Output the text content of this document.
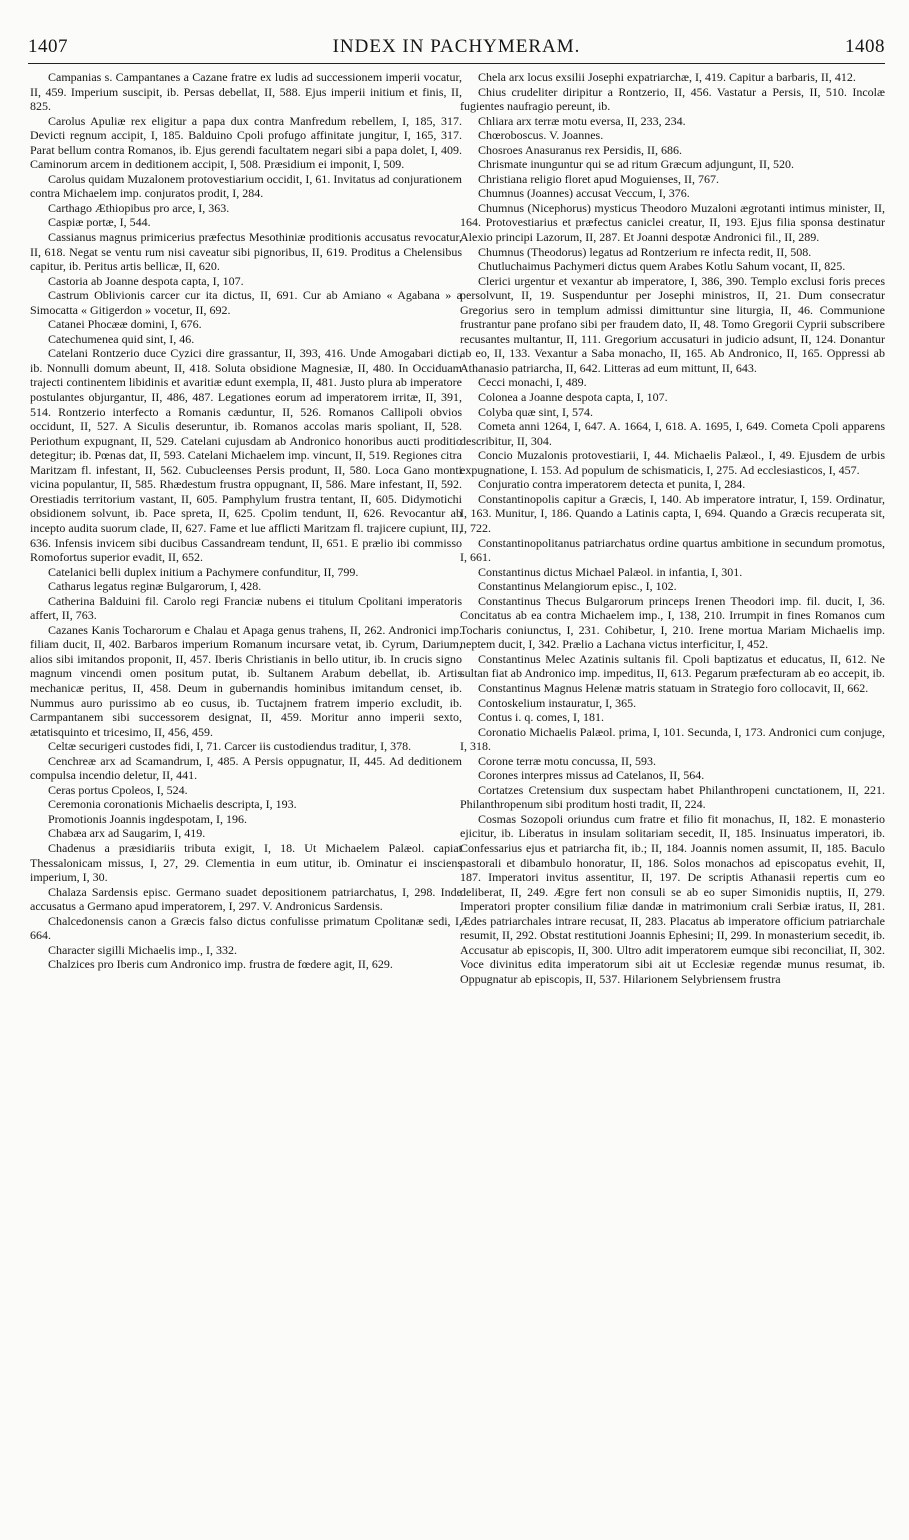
1407	INDEX IN PACHYMERAM.	1408

Campanias s. Campantanes a Cazane fratre ex ludis ad successionem imperii vocatur, II, 459. Imperium suscipit, ib. Persas debellat, II, 588. Ejus imperii initium et finis, II, 825.

Carolus Apuliæ rex eligitur a papa dux contra Manfredum rebellem, I, 185, 317. Devicti regnum accipit, I, 185. Balduino Cpoli profugo affinitate jungitur, I, 165, 317. Parat bellum contra Romanos, ib. Ejus gerendi facultatem negari sibi a papa dolet, I, 409. Caminorum arcem in deditionem accipit, I, 508. Præsidium ei imponit, I, 509.

Carolus quidam Muzalonem protovestiarium occidit, I, 61. Invitatus ad conjurationem contra Michaelem imp. conjuratos prodit, I, 284.

Carthago Æthiopibus pro arce, I, 363.

Caspiæ portæ, I, 544.

Cassianus magnus primicerius præfectus Mesothiniæ proditionis accusatus revocatur, II, 618. Negat se ventu rum nisi caveatur sibi pignoribus, II, 619. Proditus a Chelensibus capitur, ib. Peritus artis bellicæ, II, 620.

Castoria ab Joanne despota capta, I, 107.

Castrum Oblivionis carcer cur ita dictus, II, 691. Cur ab Amiano « Agabana » a Simocatta « Gitigerdon » vocetur, II, 692.

Catanei Phocææ domini, I, 676.

Catechumenea quid sint, I, 46.

Catelani Rontzerio duce Cyzici dire grassantur, II, 393, 416. Unde Amogabari dicti, ib. Nonnulli domum abeunt, II, 418. Soluta obsidione Magnesiæ, II, 480. In Occiduam trajecti continentem libidinis et avaritiæ edunt exempla, II, 481. Justo plura ab imperatore postulantes objurgantur, II, 486, 487. Legationes eorum ad imperatorem irritæ, II, 391, 514. Rontzerio interfecto a Romanis cæduntur, II, 526. Romanos Callipoli obvios occidunt, II, 527. A Siculis deseruntur, ib. Romanos accolas maris spoliant, II, 528. Periothum expugnant, II, 529. Catelani cujusdam ab Andronico honoribus aucti proditio detegitur; ib. Pœnas dat, II, 593. Catelani Michaelem imp. vincunt, II, 519. Regiones citra Maritzam fl. infestant, II, 562. Cubucleenses Persis produnt, II, 580. Loca Gano monti vicina populantur, II, 585. Rhædestum frustra oppugnant, II, 586. Mare infestant, II, 592. Orestiadis territorium vastant, II, 605. Pamphylum frustra tentant, II, 605. Didymotichi obsidionem solvunt, ib. Pace spreta, II, 625. Cpolim tendunt, II, 626. Revocantur ab incepto audita suorum clade, II, 627. Fame et lue afflicti Maritzam fl. trajicere cupiunt, II, 636. Infensis invicem sibi ducibus Cassandream tendunt, II, 651. E prælio ibi commisso Romofortus superior evadit, II, 652.

Catelanici belli duplex initium a Pachymere confunditur, II, 799.

Catharus legatus reginæ Bulgarorum, I, 428.

Catherina Balduini fil. Carolo regi Franciæ nubens ei titulum Cpolitani imperatoris affert, II, 763.

Cazanes Kanis Tocharorum e Chalau et Apaga genus trahens, II, 262. Andronici imp. filiam ducit, II, 402. Barbaros imperium Romanum incursare vetat, ib. Cyrum, Darium, alios sibi imitandos proponit, II, 457. Iberis Christianis in bello utitur, ib. In crucis signo magnum vincendi omen positum putat, ib. Sultanem Arabum debellat, ib. Artis mechanicæ peritus, II, 458. Deum in gubernandis hominibus imitandum censet, ib. Nummus auro purissimo ab eo cusus, ib. Tuctajnem fratrem imperio excludit, ib. Carmpantanem sibi successorem designat, II, 459. Moritur anno imperii sexto, ætatisquinto et tricesimo, II, 456, 459.

Celtæ securigeri custodes fidi, I, 71. Carcer iis custodiendus traditur, I, 378.

Cenchreæ arx ad Scamandrum, I, 485. A Persis oppugnatur, II, 445. Ad deditionem compulsa incendio deletur, II, 441.

Ceras portus Cpoleos, I, 524.

Ceremonia coronationis Michaelis descripta, I, 193.

Promotionis Joannis ingdespotam, I, 196.

Chabæa arx ad Saugarim, I, 419.

Chadenus a præsidiariis tributa exigit, I, 18. Ut Michaelem Palæol. capiat Thessalonicam missus, I, 27, 29. Clementia in eum utitur, ib. Ominatur ei insciens imperium, I, 30.

Chalaza Sardensis episc. Germano suadet depositionem patriarchatus, I, 298. Inde accusatus a Germano apud imperatorem, I, 297. V. Andronicus Sardensis.

Chalcedonensis canon a Græcis falso dictus confulisse primatum Cpolitanæ sedi, I, 664.

Character sigilli Michaelis imp., I, 332.

Chalzices pro Iberis cum Andronico imp. frustra de fœdere agit, II, 629.

Chela arx locus exsilii Josephi expatriarchæ, I, 419. Capitur a barbaris, II, 412.

Chius crudeliter diripitur a Rontzerio, II, 456. Vastatur a Persis, II, 510. Incolæ fugientes naufragio pereunt, ib.

Chliara arx terræ motu eversa, II, 233, 234.

Chœroboscus. V. Joannes.

Chosroes Anasuranus rex Persidis, II, 686.

Chrismate inunguntur qui se ad ritum Græcum adjungunt, II, 520.

Christiana religio floret apud Moguienses, II, 767.

Chumnus (Joannes) accusat Veccum, I, 376.

Chumnus (Nicephorus) mysticus Theodoro Muzaloni ægrotanti intimus minister, II, 164. Protovestiarius et præfectus caniclei creatur, II, 193. Ejus filia sponsa destinatur Alexio principi Lazorum, II, 287. Et Joanni despotæ Andronici fil., II, 289.

Chumnus (Theodorus) legatus ad Rontzerium re infecta redit, II, 508.

Chutluchaimus Pachymeri dictus quem Arabes Kotlu Sahum vocant, II, 825.

Clerici urgentur et vexantur ab imperatore, I, 386, 390. Templo exclusi foris preces persolvunt, II, 19. Suspenduntur per Josephi ministros, II, 21. Dum consecratur Gregorius sero in templum admissi dimittuntur sine liturgia, II, 46. Communione frustrantur pane profano sibi per fraudem dato, II, 48. Tomo Gregorii Cyprii subscribere recusantes multantur, II, 111. Gregorium accusaturi in judicio adsunt, II, 124. Donantur ab eo, II, 133. Vexantur a Saba monacho, II, 165. Ab Andronico, II, 165. Oppressi ab Athanasio patriarcha, II, 642. Litteras ad eum mittunt, II, 643.

Cecci monachi, I, 489.

Colonea a Joanne despota capta, I, 107.

Colyba quæ sint, I, 574.

Cometa anni 1264, I, 647. A. 1664, I, 618. A. 1695, I, 649. Cometa Cpoli apparens describitur, II, 304.

Concio Muzalonis protovestiarii, I, 44. Michaelis Palæol., I, 49. Ejusdem de urbis expugnatione, I. 153. Ad populum de schismaticis, I, 275. Ad ecclesiasticos, I, 457.

Conjuratio contra imperatorem detecta et punita, I, 284.

Constantinopolis capitur a Græcis, I, 140. Ab imperatore intratur, I, 159. Ordinatur, I, 163. Munitur, I, 186. Quando a Latinis capta, I, 694. Quando a Græcis recuperata sit, I, 722.

Constantinopolitanus patriarchatus ordine quartus ambitione in secundum promotus, I, 661.

Constantinus dictus Michael Palæol. in infantia, I, 301.

Constantinus Melangiorum episc., I, 102.

Constantinus Thecus Bulgarorum princeps Irenen Theodori imp. fil. ducit, I, 36. Concitatus ab ea contra Michaelem imp., I, 138, 210. Irrumpit in fines Romanos cum Tocharis coniunctus, I, 231. Cohibetur, I, 210. Irene mortua Mariam Michaelis imp. neptem ducit, I, 342. Prælio a Lachana victus interficitur, I, 452.

Constantinus Melec Azatinis sultanis fil. Cpoli baptizatus et educatus, II, 612. Ne sultan fiat ab Andronico imp. impeditus, II, 613. Pegarum præfecturam ab eo accepit, ib.

Constantinus Magnus Helenæ matris statuam in Strategio foro collocavit, II, 662.

Contoskelium instauratur, I, 365.

Contus i. q. comes, I, 181.

Coronatio Michaelis Palæol. prima, I, 101. Secunda, I, 173. Andronici cum conjuge, I, 318.

Corone terræ motu concussa, II, 593.

Corones interpres missus ad Catelanos, II, 564.

Cortatzes Cretensium dux suspectam habet Philanthropeni cunctationem, II, 221. Philanthropenum sibi proditum hosti tradit, II, 224.

Cosmas Sozopoli oriundus cum fratre et filio fit monachus, II, 182. E monasterio ejicitur, ib. Liberatus in insulam solitariam secedit, II, 185. Insinuatus imperatori, ib. Confessarius ejus et patriarcha fit, ib.; II, 184. Joannis nomen assumit, II, 185. Baculo pastorali et dibambulo honoratur, II, 186. Solos monachos ad episcopatus evehit, II, 187. Imperatori invitus assentitur, II, 197. De scriptis Athanasii repertis cum eo deliberat, II, 249. Ægre fert non consuli se ab eo super Simonidis nuptiis, II, 279. Imperatori propter consilium filiæ dandæ in matrimonium crali Serbiæ iratus, II, 281. Ædes patriarchales intrare recusat, II, 283. Placatus ab imperatore officium patriarchale resumit, II, 292. Obstat restitutioni Joannis Ephesini; II, 299. In monasterium secedit, ib. Accusatur ab episcopis, II, 300. Ultro adit imperatorem eumque sibi reconciliat, II, 302. Voce divinitus edita imperatorum sibi ait ut Ecclesiæ regendæ munus resumat, ib. Oppugnatur ab episcopis, II, 537. Hilarionem Selybriensem frustra
